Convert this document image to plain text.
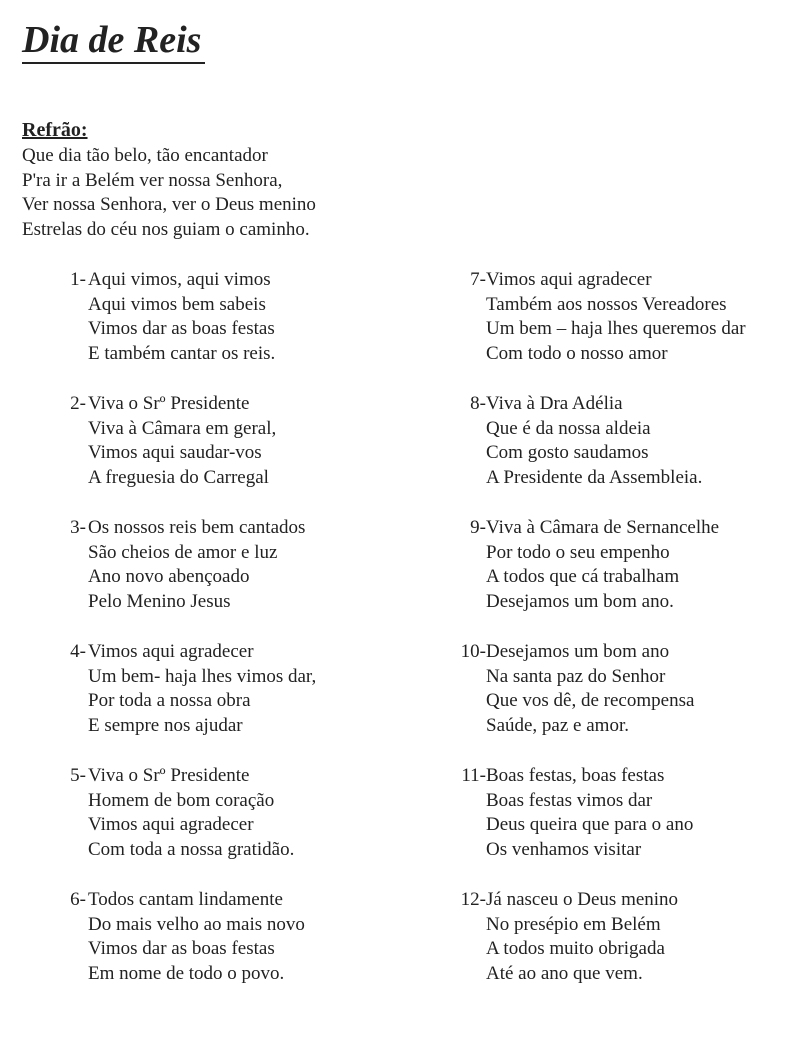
Dia de Reis
Refrão:
Que dia tão belo, tão encantador
P'ra ir a Belém ver nossa Senhora,
Ver nossa Senhora, ver o Deus menino
Estrelas do céu nos guiam o caminho.
1- Aqui vimos, aqui vimos
Aqui vimos bem sabeis
Vimos dar as boas festas
E também cantar os reis.
2- Viva o Srº Presidente
Viva à Câmara em geral,
Vimos aqui saudar-vos
A freguesia do Carregal
3- Os nossos reis bem cantados
São cheios de amor e luz
Ano novo abençoado
Pelo Menino Jesus
4- Vimos aqui agradecer
Um bem- haja lhes vimos dar,
Por toda a nossa obra
E sempre nos ajudar
5- Viva o Srº Presidente
Homem de bom coração
Vimos aqui agradecer
Com toda a nossa gratidão.
6- Todos cantam lindamente
Do mais velho ao mais novo
Vimos dar as boas festas
Em nome de todo o povo.
7- Vimos aqui agradecer
Também aos nossos Vereadores
Um bem – haja lhes queremos dar
Com todo o nosso amor
8- Viva à Dra Adélia
Que é da nossa aldeia
Com gosto saudamos
A Presidente da Assembleia.
9- Viva à Câmara de Sernancelhe
Por todo o seu empenho
A todos que cá trabalham
Desejamos um bom ano.
10- Desejamos um bom ano
Na santa paz do Senhor
Que vos dê, de recompensa
Saúde, paz e amor.
11- Boas festas, boas festas
Boas festas vimos dar
Deus queira que para o ano
Os venhamos visitar
12- Já nasceu o Deus menino
No presépio em Belém
A todos muito obrigada
Até ao ano que vem.
